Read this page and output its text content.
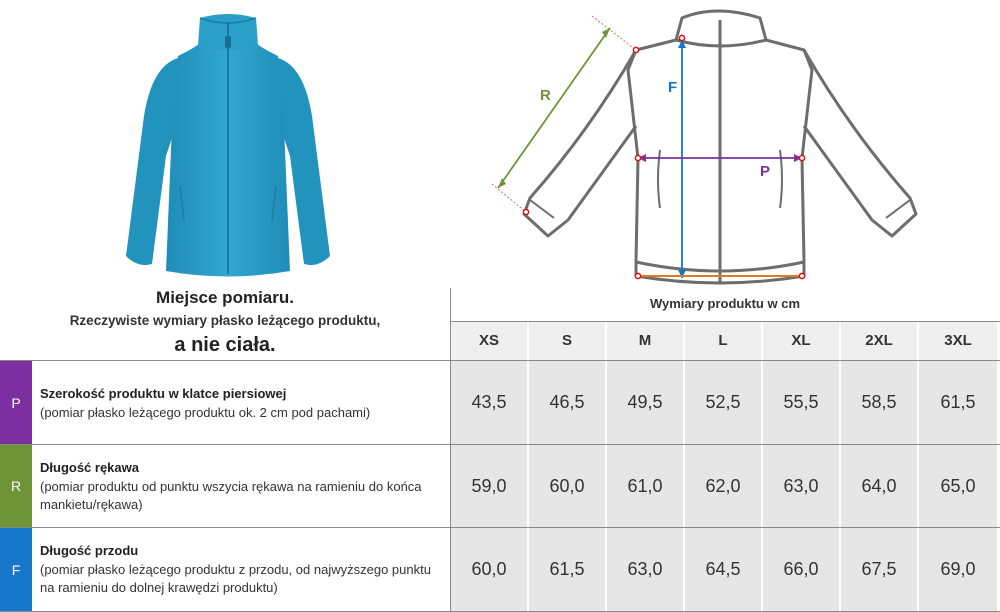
R	F
P
Miejsce pomiaru.
Rzeczywiste wymiary płasko leżącego produktu,
a nie ciała.
Wymiary produktu w cm
XS	S	M	L	XL	2XL	3XL
P
Szerokość produktu w klatce piersiowej
(pomiar płasko leżącego produktu ok. 2 cm pod pachami)
43,5	46,5	49,5	52,5	55,5	58,5	61,5
R
Długość rękawa
(pomiar produktu od punktu wszycia rękawa na ramieniu do końca mankietu/rękawa)
59,0	60,0	61,0	62,0	63,0	64,0	65,0
F
Długość przodu
(pomiar płasko leżącego produktu z przodu, od najwyższego punktu na ramieniu do dolnej krawędzi produktu)
60,0	61,5	63,0	64,5	66,0	67,5	69,0
